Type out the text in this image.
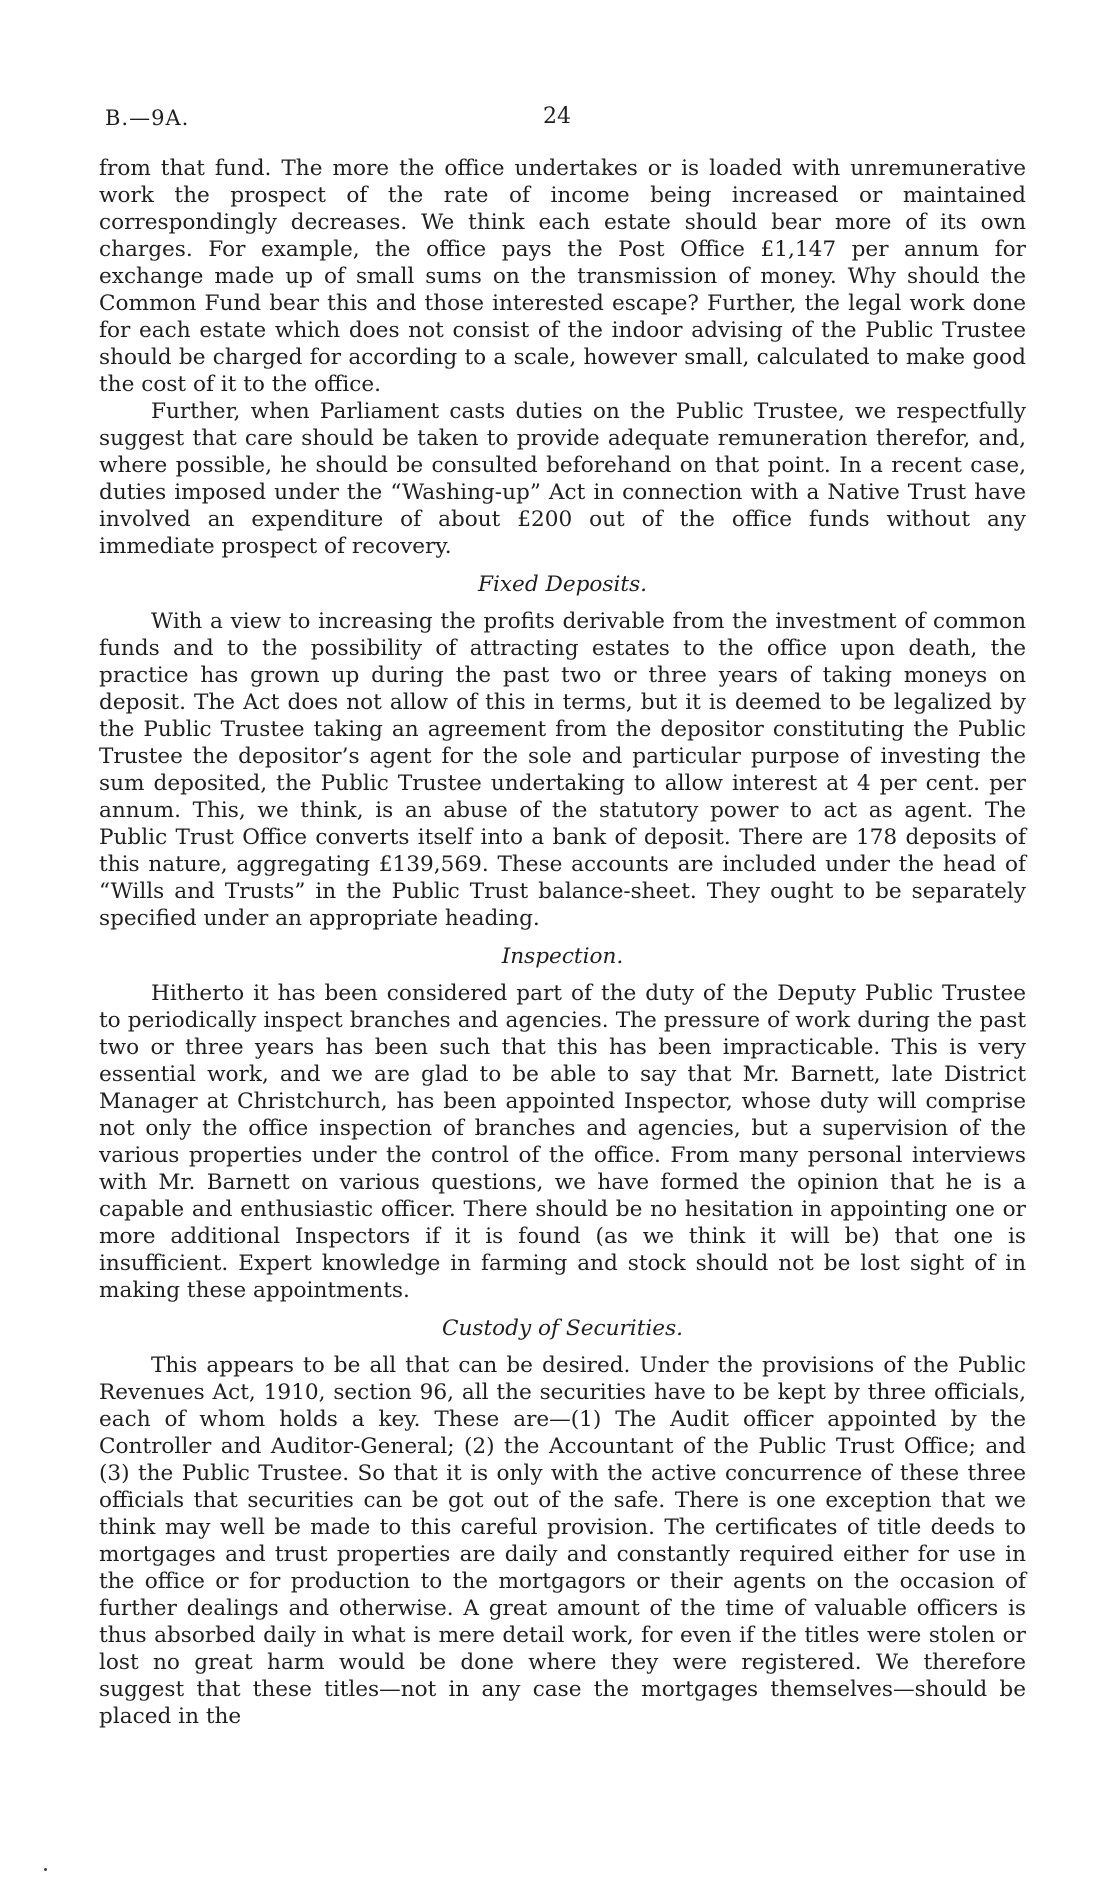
B.—9A.	24

from that fund. The more the office undertakes or is loaded with unremunerative work the prospect of the rate of income being increased or maintained correspondingly decreases. We think each estate should bear more of its own charges. For example, the office pays the Post Office £1,147 per annum for exchange made up of small sums on the transmission of money. Why should the Common Fund bear this and those interested escape? Further, the legal work done for each estate which does not consist of the indoor advising of the Public Trustee should be charged for according to a scale, however small, calculated to make good the cost of it to the office.

Further, when Parliament casts duties on the Public Trustee, we respectfully suggest that care should be taken to provide adequate remuneration therefor, and, where possible, he should be consulted beforehand on that point. In a recent case, duties imposed under the “Washing-up” Act in connection with a Native Trust have involved an expenditure of about £200 out of the office funds without any immediate prospect of recovery.

Fixed Deposits.

With a view to increasing the profits derivable from the investment of common funds and to the possibility of attracting estates to the office upon death, the practice has grown up during the past two or three years of taking moneys on deposit. The Act does not allow of this in terms, but it is deemed to be legalized by the Public Trustee taking an agreement from the depositor constituting the Public Trustee the depositor’s agent for the sole and particular purpose of investing the sum deposited, the Public Trustee undertaking to allow interest at 4 per cent. per annum. This, we think, is an abuse of the statutory power to act as agent. The Public Trust Office converts itself into a bank of deposit. There are 178 deposits of this nature, aggregating £139,569. These accounts are included under the head of “Wills and Trusts” in the Public Trust balance-sheet. They ought to be separately specified under an appropriate heading.

Inspection.

Hitherto it has been considered part of the duty of the Deputy Public Trustee to periodically inspect branches and agencies. The pressure of work during the past two or three years has been such that this has been impracticable. This is very essential work, and we are glad to be able to say that Mr. Barnett, late District Manager at Christchurch, has been appointed Inspector, whose duty will comprise not only the office inspection of branches and agencies, but a supervision of the various properties under the control of the office. From many personal interviews with Mr. Barnett on various questions, we have formed the opinion that he is a capable and enthusiastic officer. There should be no hesitation in appointing one or more additional Inspectors if it is found (as we think it will be) that one is insufficient. Expert knowledge in farming and stock should not be lost sight of in making these appointments.

Custody of Securities.

This appears to be all that can be desired. Under the provisions of the Public Revenues Act, 1910, section 96, all the securities have to be kept by three officials, each of whom holds a key. These are—(1) The Audit officer appointed by the Controller and Auditor-General; (2) the Accountant of the Public Trust Office; and (3) the Public Trustee. So that it is only with the active concurrence of these three officials that securities can be got out of the safe. There is one exception that we think may well be made to this careful provision. The certificates of title deeds to mortgages and trust properties are daily and constantly required either for use in the office or for production to the mortgagors or their agents on the occasion of further dealings and otherwise. A great amount of the time of valuable officers is thus absorbed daily in what is mere detail work, for even if the titles were stolen or lost no great harm would be done where they were registered. We therefore suggest that these titles—not in any case the mortgages themselves—should be placed in the
